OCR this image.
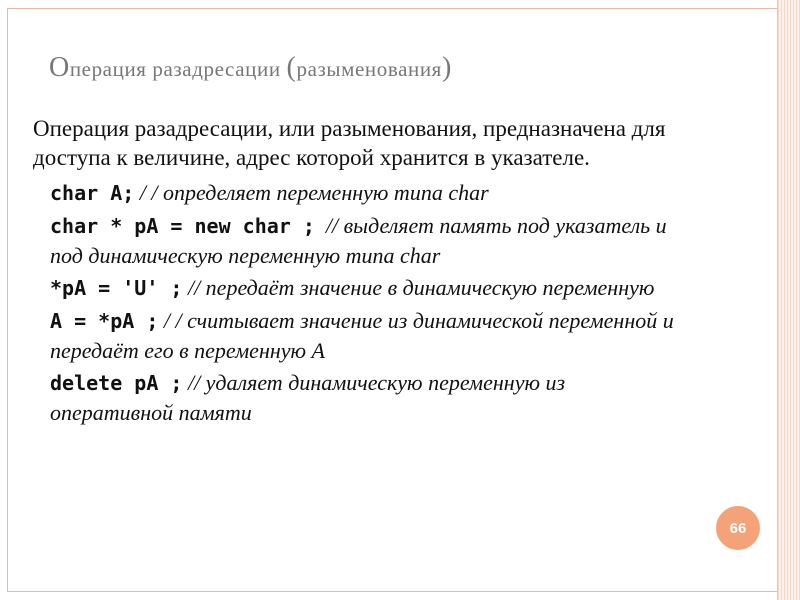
Операция разадресации (разыменования)

Операция разадресации, или разыменования, предназначена для доступа к величине, адрес которой хранится в указателе.

char A; / / определяет переменную типа char

char * pA = new char ; // выделяет память под указатель и под динамическую переменную типа char

*pA = 'U' ; // передаёт значение в динамическую переменную

A = *pA ; / / считывает значение из динамической переменной и передаёт его в переменную А

delete pA ; // удаляет динамическую переменную из оперативной памяти

66
